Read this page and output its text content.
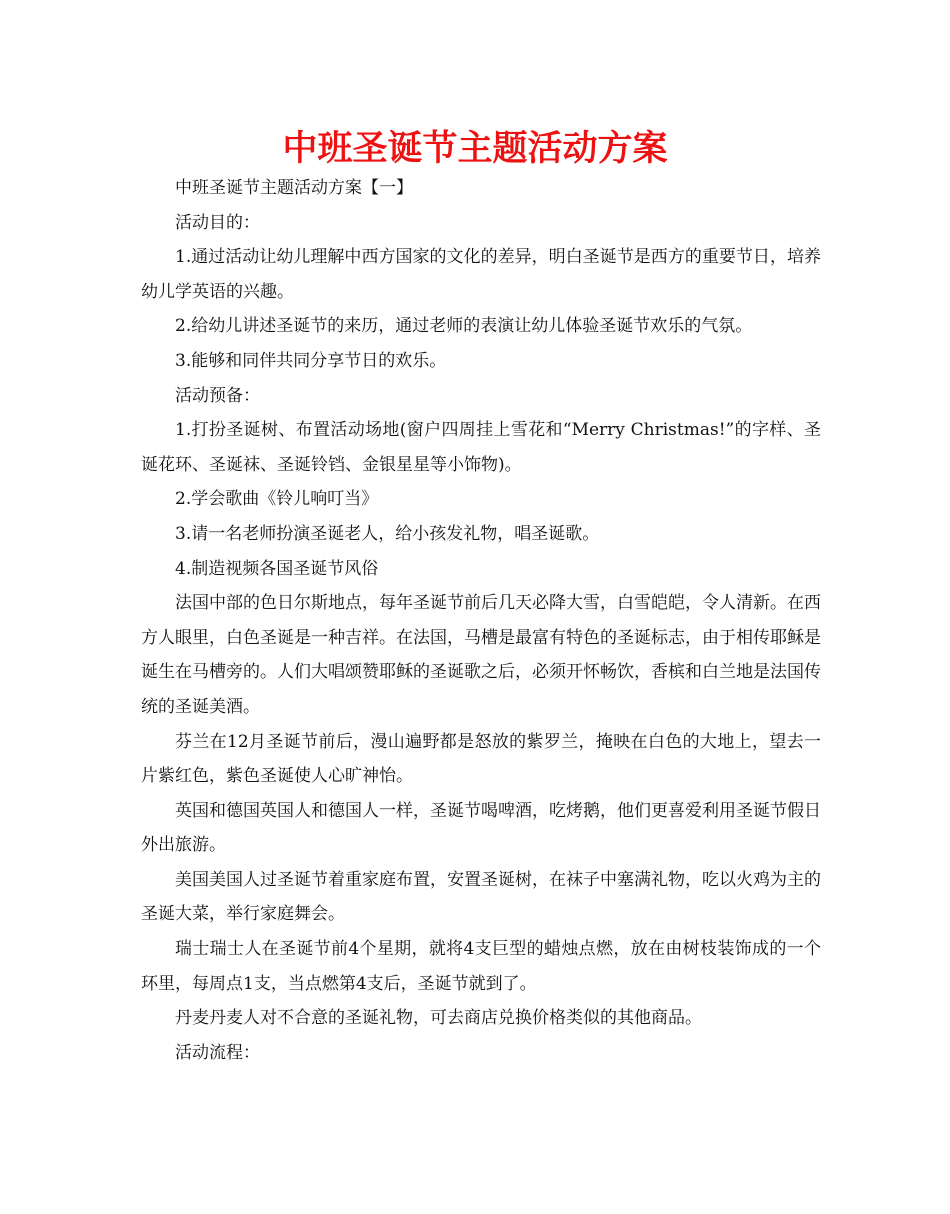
中班圣诞节主题活动方案

中班圣诞节主题活动方案【一】

活动目的：

1.通过活动让幼儿理解中西方国家的文化的差异，明白圣诞节是西方的重要节日，培养幼儿学英语的兴趣。

2.给幼儿讲述圣诞节的来历，通过老师的表演让幼儿体验圣诞节欢乐的气氛。

3.能够和同伴共同分享节日的欢乐。

活动预备：

1.打扮圣诞树、布置活动场地(窗户四周挂上雪花和“Merry Christmas!”的字样、圣诞花环、圣诞袜、圣诞铃铛、金银星星等小饰物)。

2.学会歌曲《铃儿响叮当》

3.请一名老师扮演圣诞老人，给小孩发礼物，唱圣诞歌。

4.制造视频各国圣诞节风俗

法国中部的色日尔斯地点，每年圣诞节前后几天必降大雪，白雪皑皑，令人清新。在西方人眼里，白色圣诞是一种吉祥。在法国，马槽是最富有特色的圣诞标志，由于相传耶稣是诞生在马槽旁的。人们大唱颂赞耶稣的圣诞歌之后，必须开怀畅饮，香槟和白兰地是法国传统的圣诞美酒。

芬兰在12月圣诞节前后，漫山遍野都是怒放的紫罗兰，掩映在白色的大地上，望去一片紫红色，紫色圣诞使人心旷神怡。

英国和德国英国人和德国人一样，圣诞节喝啤酒，吃烤鹅，他们更喜爱利用圣诞节假日外出旅游。

美国美国人过圣诞节着重家庭布置，安置圣诞树，在袜子中塞满礼物，吃以火鸡为主的圣诞大菜，举行家庭舞会。

瑞士瑞士人在圣诞节前4个星期，就将4支巨型的蜡烛点燃，放在由树枝装饰成的一个环里，每周点1支，当点燃第4支后，圣诞节就到了。

丹麦丹麦人对不合意的圣诞礼物，可去商店兑换价格类似的其他商品。

活动流程：
